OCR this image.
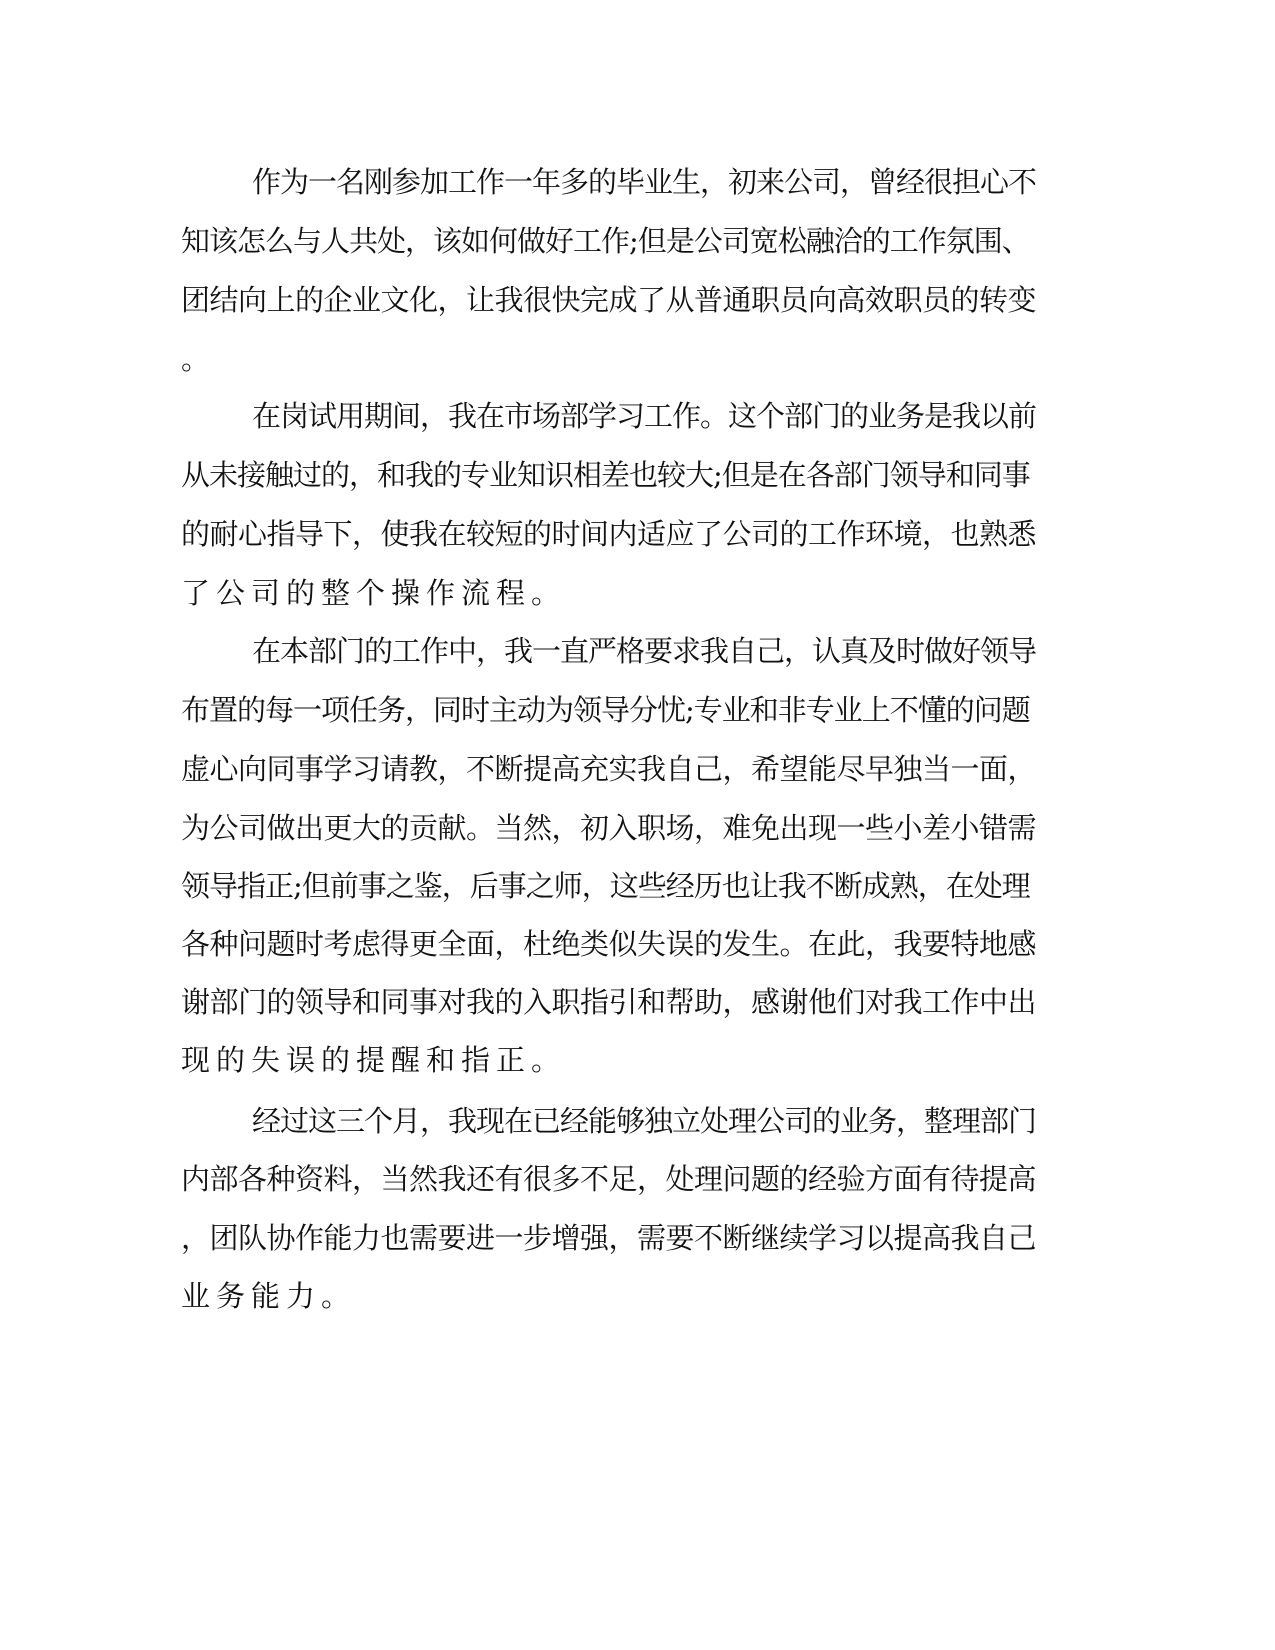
作为一名刚参加工作一年多的毕业生，初来公司，曾经很担心不
知该怎么与人共处，该如何做好工作;但是公司宽松融洽的工作氛围、
团结向上的企业文化，让我很快完成了从普通职员向高效职员的转变
。
在岗试用期间，我在市场部学习工作。这个部门的业务是我以前
从未接触过的，和我的专业知识相差也较大;但是在各部门领导和同事
的耐心指导下，使我在较短的时间内适应了公司的工作环境，也熟悉
了公司的整个操作流程。
在本部门的工作中，我一直严格要求我自己，认真及时做好领导
布置的每一项任务，同时主动为领导分忧;专业和非专业上不懂的问题
虚心向同事学习请教，不断提高充实我自己，希望能尽早独当一面，
为公司做出更大的贡献。当然，初入职场，难免出现一些小差小错需
领导指正;但前事之鉴，后事之师，这些经历也让我不断成熟，在处理
各种问题时考虑得更全面，杜绝类似失误的发生。在此，我要特地感
谢部门的领导和同事对我的入职指引和帮助，感谢他们对我工作中出
现的失误的提醒和指正。
经过这三个月，我现在已经能够独立处理公司的业务，整理部门
内部各种资料，当然我还有很多不足，处理问题的经验方面有待提高
，团队协作能力也需要进一步增强，需要不断继续学习以提高我自己
业务能力。
